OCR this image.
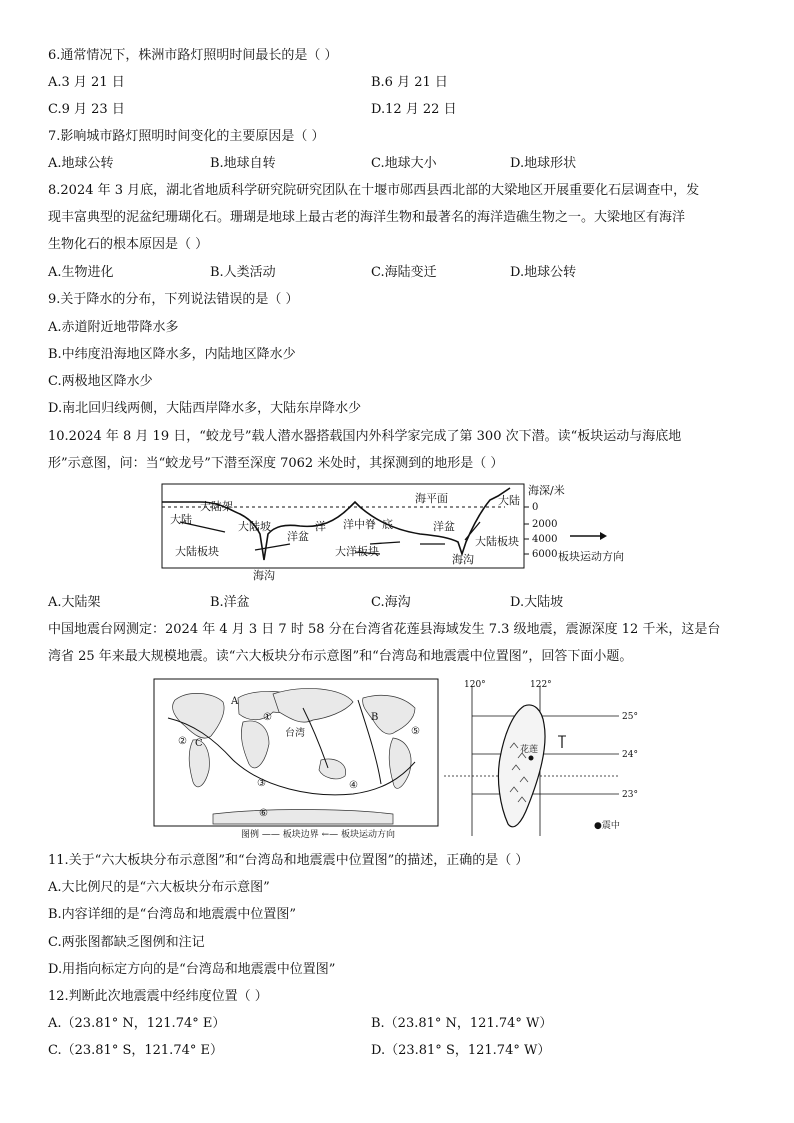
6.通常情况下，株洲市路灯照明时间最长的是（ ）
A.3 月 21 日	B.6 月 21 日
C.9 月 23 日	D.12 月 22 日
7.影响城市路灯照明时间变化的主要原因是（ ）
A.地球公转	B.地球自转	C.地球大小	D.地球形状
8.2024 年 3 月底，湖北省地质科学研究院研究团队在十堰市郧西县西北部的大梁地区开展重要化石层调查中，发
现丰富典型的泥盆纪珊瑚化石。珊瑚是地球上最古老的海洋生物和最著名的海洋造礁生物之一。大梁地区有海洋
生物化石的根本原因是（ ）
A.生物进化	B.人类活动	C.海陆变迁	D.地球公转
9.关于降水的分布，下列说法错误的是（ ）
A.赤道附近地带降水多
B.中纬度沿海地区降水多，内陆地区降水少
C.两极地区降水少
D.南北回归线两侧，大陆西岸降水多，大陆东岸降水少
10.2024 年 8 月 19 日，“蛟龙号”载人潜水器搭载国内外科学家完成了第 300 次下潜。读“板块运动与海底地
形”示意图，问：当“蛟龙号”下潜至深度 7062 米处时，其探测到的地形是（ ）
大陆架
大陆
大陆坡
洋盆
洋 洋中脊 底	洋盆
海平面	大陆
大陆板块	大洋板块
大陆板块
海沟
海沟
海深/米
0
2000
4000
6000 板块运动方向
A.大陆架	B.洋盆	C.海沟	D.大陆坡
中国地震台网测定：2024 年 4 月 3 日 7 时 58 分在台湾省花莲县海域发生 7.3 级地震，震源深度 12 千米，这是台
湾省 25 年来最大规模地震。读“六大板块分布示意图”和“台湾岛和地震震中位置图”，回答下面小题。
A
B
C
①
②
③	④
⑤
⑥
台湾
图例 —— 板块边界 ←— 板块运动方向
120°	122°
25°
24°
23°
花莲
●震中
11.关于“六大板块分布示意图”和“台湾岛和地震震中位置图”的描述，正确的是（ ）
A.大比例尺的是“六大板块分布示意图”
B.内容详细的是“台湾岛和地震震中位置图”
C.两张图都缺乏图例和注记
D.用指向标定方向的是“台湾岛和地震震中位置图”
12.判断此次地震震中经纬度位置（ ）
A.（23.81° N，121.74° E）	B.（23.81° N，121.74° W）
C.（23.81° S，121.74° E）	D.（23.81° S，121.74° W）
